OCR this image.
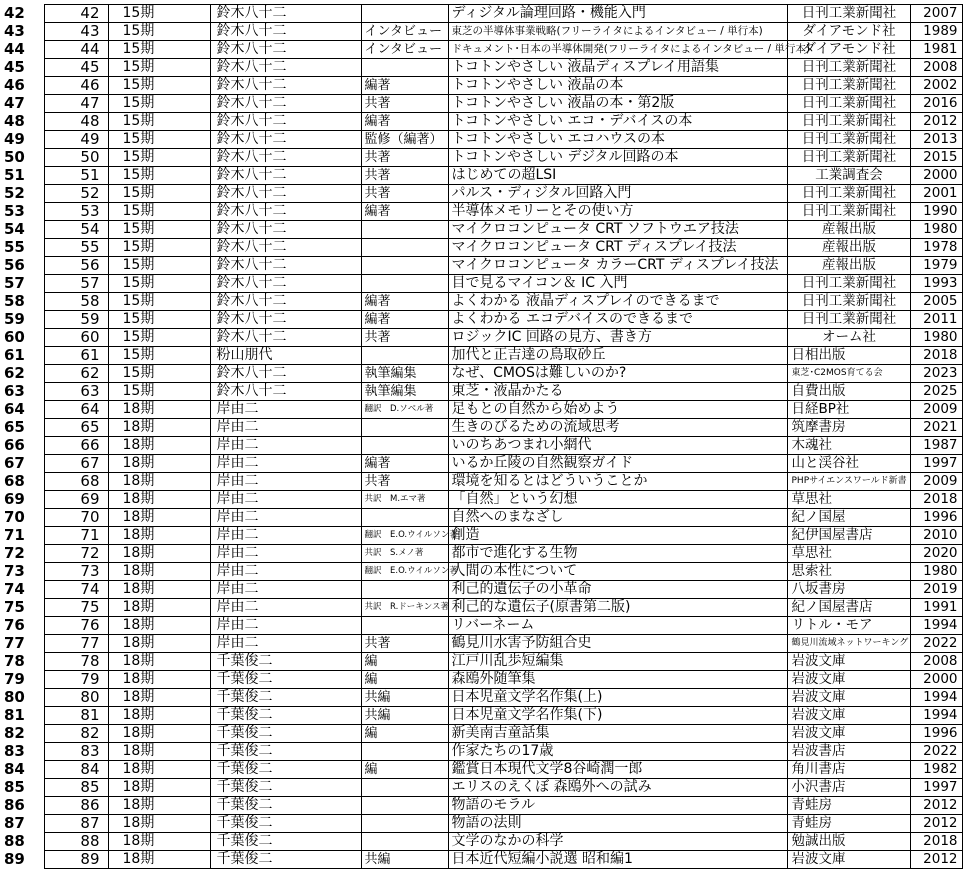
42	42	15期	鈴木八十二		ディジタル論理回路・機能入門	日刊工業新聞社	2007
43	43	15期	鈴木八十二	インタビュー	東芝の半導体事業戦略(フリーライタによるインタビュー / 単行本)	ダイアモンド社	1989
44	44	15期	鈴木八十二	インタビュー	ドキュメント･日本の半導体開発(フリーライタによるインタビュー / 単行本)	ダイアモンド社	1981
45	45	15期	鈴木八十二		トコトンやさしい 液晶ディスプレイ用語集	日刊工業新聞社	2008
46	46	15期	鈴木八十二	編著	トコトンやさしい 液晶の本	日刊工業新聞社	2002
47	47	15期	鈴木八十二	共著	トコトンやさしい 液晶の本・第2版	日刊工業新聞社	2016
48	48	15期	鈴木八十二	編著	トコトンやさしい エコ・デバイスの本	日刊工業新聞社	2012
49	49	15期	鈴木八十二	監修（編著）	トコトンやさしい エコハウスの本	日刊工業新聞社	2013
50	50	15期	鈴木八十二	共著	トコトンやさしい デジタル回路の本	日刊工業新聞社	2015
51	51	15期	鈴木八十二	共著	はじめての超LSI	工業調査会	2000
52	52	15期	鈴木八十二	共著	パルス・ディジタル回路入門	日刊工業新聞社	2001
53	53	15期	鈴木八十二	編著	半導体メモリーとその使い方	日刊工業新聞社	1990
54	54	15期	鈴木八十二		マイクロコンピュータ CRT ソフトウエア技法	産報出版	1980
55	55	15期	鈴木八十二		マイクロコンピュータ CRT ディスプレイ技法	産報出版	1978
56	56	15期	鈴木八十二		マイクロコンピュータ カラーCRT ディスプレイ技法	産報出版	1979
57	57	15期	鈴木八十二		目で見るマイコン＆ IC 入門	日刊工業新聞社	1993
58	58	15期	鈴木八十二	編著	よくわかる 液晶ディスプレイのできるまで	日刊工業新聞社	2005
59	59	15期	鈴木八十二	編著	よくわかる エコデバイスのできるまで	日刊工業新聞社	2011
60	60	15期	鈴木八十二	共著	ロジックIC 回路の見方、書き方	オーム社	1980
61	61	15期	粉山朋代		加代と正吉達の鳥取砂丘	日相出版	2018
62	62	15期	鈴木八十二	執筆編集	なぜ、CMOSは難しいのか?	東芝･C2MOS育てる会	2023
63	63	15期	鈴木八十二	執筆編集	東芝・液晶かたる	自費出版	2025
64	64	18期	岸由二	翻訳　D.ソベル著	足もとの自然から始めよう	日経BP社	2009
65	65	18期	岸由二		生きのびるための流域思考	筑摩書房	2021
66	66	18期	岸由二		いのちあつまれ小網代	木魂社	1987
67	67	18期	岸由二	編著	いるか丘陵の自然観察ガイド	山と渓谷社	1997
68	68	18期	岸由二	共著	環境を知るとはどういうことか	PHPサイエンスワールド新書	2009
69	69	18期	岸由二	共訳　M.エマ著	「自然」という幻想	草思社	2018
70	70	18期	岸由二		自然へのまなざし	紀ノ国屋	1996
71	71	18期	岸由二	翻訳　E.O.ウイルソン著	創造	紀伊国屋書店	2010
72	72	18期	岸由二	共訳　S.メノ著	都市で進化する生物	草思社	2020
73	73	18期	岸由二	翻訳　E.O.ウイルソン著	人間の本性について	思索社	1980
74	74	18期	岸由二		利己的遺伝子の小革命	八坂書房	2019
75	75	18期	岸由二	共訳　R.ドーキンス著	利己的な遺伝子(原書第二版)	紀ノ国屋書店	1991
76	76	18期	岸由二		リバーネーム	リトル・モア	1994
77	77	18期	岸由二	共著	鶴見川水害予防組合史	鶴見川流域ネットワーキング	2022
78	78	18期	千葉俊二	編	江戸川乱歩短編集	岩波文庫	2008
79	79	18期	千葉俊二	編	森鴎外随筆集	岩波文庫	2000
80	80	18期	千葉俊二	共編	日本児童文学名作集(上)	岩波文庫	1994
81	81	18期	千葉俊二	共編	日本児童文学名作集(下)	岩波文庫	1994
82	82	18期	千葉俊二	編	新美南吉童話集	岩波文庫	1996
83	83	18期	千葉俊二		作家たちの17歳	岩波書店	2022
84	84	18期	千葉俊二	編	鑑賞日本現代文学8谷崎潤一郎	角川書店	1982
85	85	18期	千葉俊二		エリスのえくぼ 森鴎外への試み	小沢書店	1997
86	86	18期	千葉俊二		物語のモラル	青蛙房	2012
87	87	18期	千葉俊二		物語の法則	青蛙房	2012
88	88	18期	千葉俊二		文学のなかの科学	勉誠出版	2018
89	89	18期	千葉俊二	共編	日本近代短編小説選 昭和編1	岩波文庫	2012
